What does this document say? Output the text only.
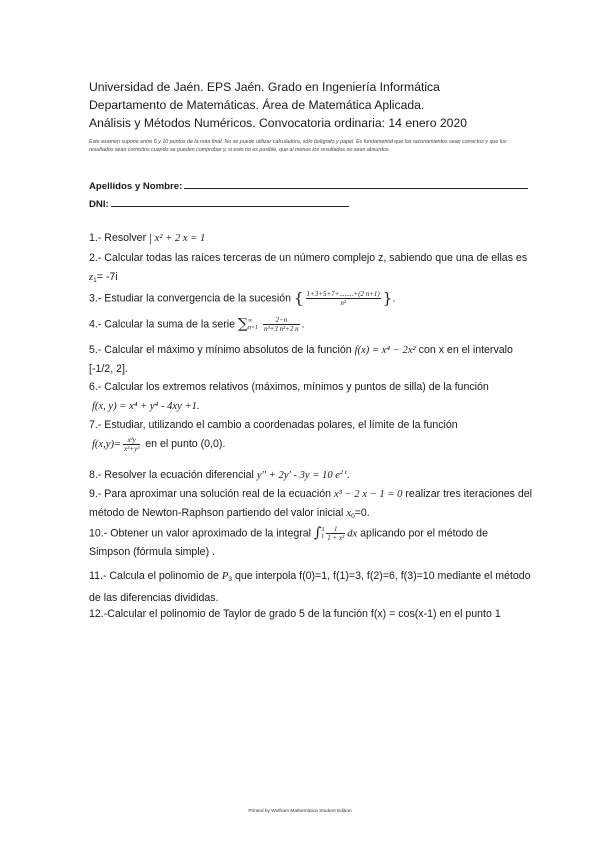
Universidad de Jaén. EPS Jaén. Grado en Ingeniería Informática
Departamento de Matemáticas. Área de Matemática Aplicada.
Análisis y Métodos Numéricos. Convocatoria ordinaria: 14 enero 2020
Este examen supone entre 6 y 10 puntos de la nota final. No se puede utilizar calculadora, sólo bolígrafo y papel. Es fundamental que los razonamientos sean correctos y que los resultados sean correctos cuando se pueden comprobar y, si esto no es posible, que al menos los resultados no sean absurdos.
Apellidos y Nombre:
DNI:
1.- Resolver | x² + 2 x = 1
2.- Calcular todas las raíces terceras de un número complejo z, sabiendo que una de ellas es
$z_1= -7i$
3.- Estudiar la convergencia de la sucesión { $\frac{1+3+5+7+........+(2 n+1)}{\text{n²}}$ }.
4.- Calcular la suma de la serie ∑ ∞
n=1
$\frac{2-n}{\text{n³+3 n²+2 n}}$ .
5.- Calcular el máximo y mínimo absolutos de la función f(x) = x⁴ − 2x² con x en el intervalo
[-1/2, 2].
6.- Calcular los extremos relativos (máximos, mínimos y puntos de silla) de la función
f(x, y) = x⁴ + y⁴ - 4xy +1.
7.- Estudiar, utilizando el cambio a coordenadas polares, el límite de la función
$f(x,y)= \frac{\text{x²y}}{\text{x²+y²}}$ en el punto (0,0).
8.- Resolver la ecuación diferencial y'' + 2y' - 3y = 10 $e^{2 t}$.
9.- Para aproximar una solución real de la ecuación x³ − 2 x − 1 = 0 realizar tres iteraciones del
método de Newton-Raphson partiendo del valor inicial $x_0=0$.
10.- Obtener un valor aproximado de la integral ∫ 3
$1 \frac{1}{\text{1 + x²}}$ dx aplicando por el método de
Simpson (fórmula simple) .
11.- Calcula el polinomio de $P_3$ que interpola f(0)=1, f(1)=3, f(2)=6, f(3)=10 mediante el método
de las diferencias divididas.
12.-Calcular el polinomio de Taylor de grado 5 de la función f(x) = cos(x-1) en el punto 1
Printed by Wolfram Mathematica Student Edition
